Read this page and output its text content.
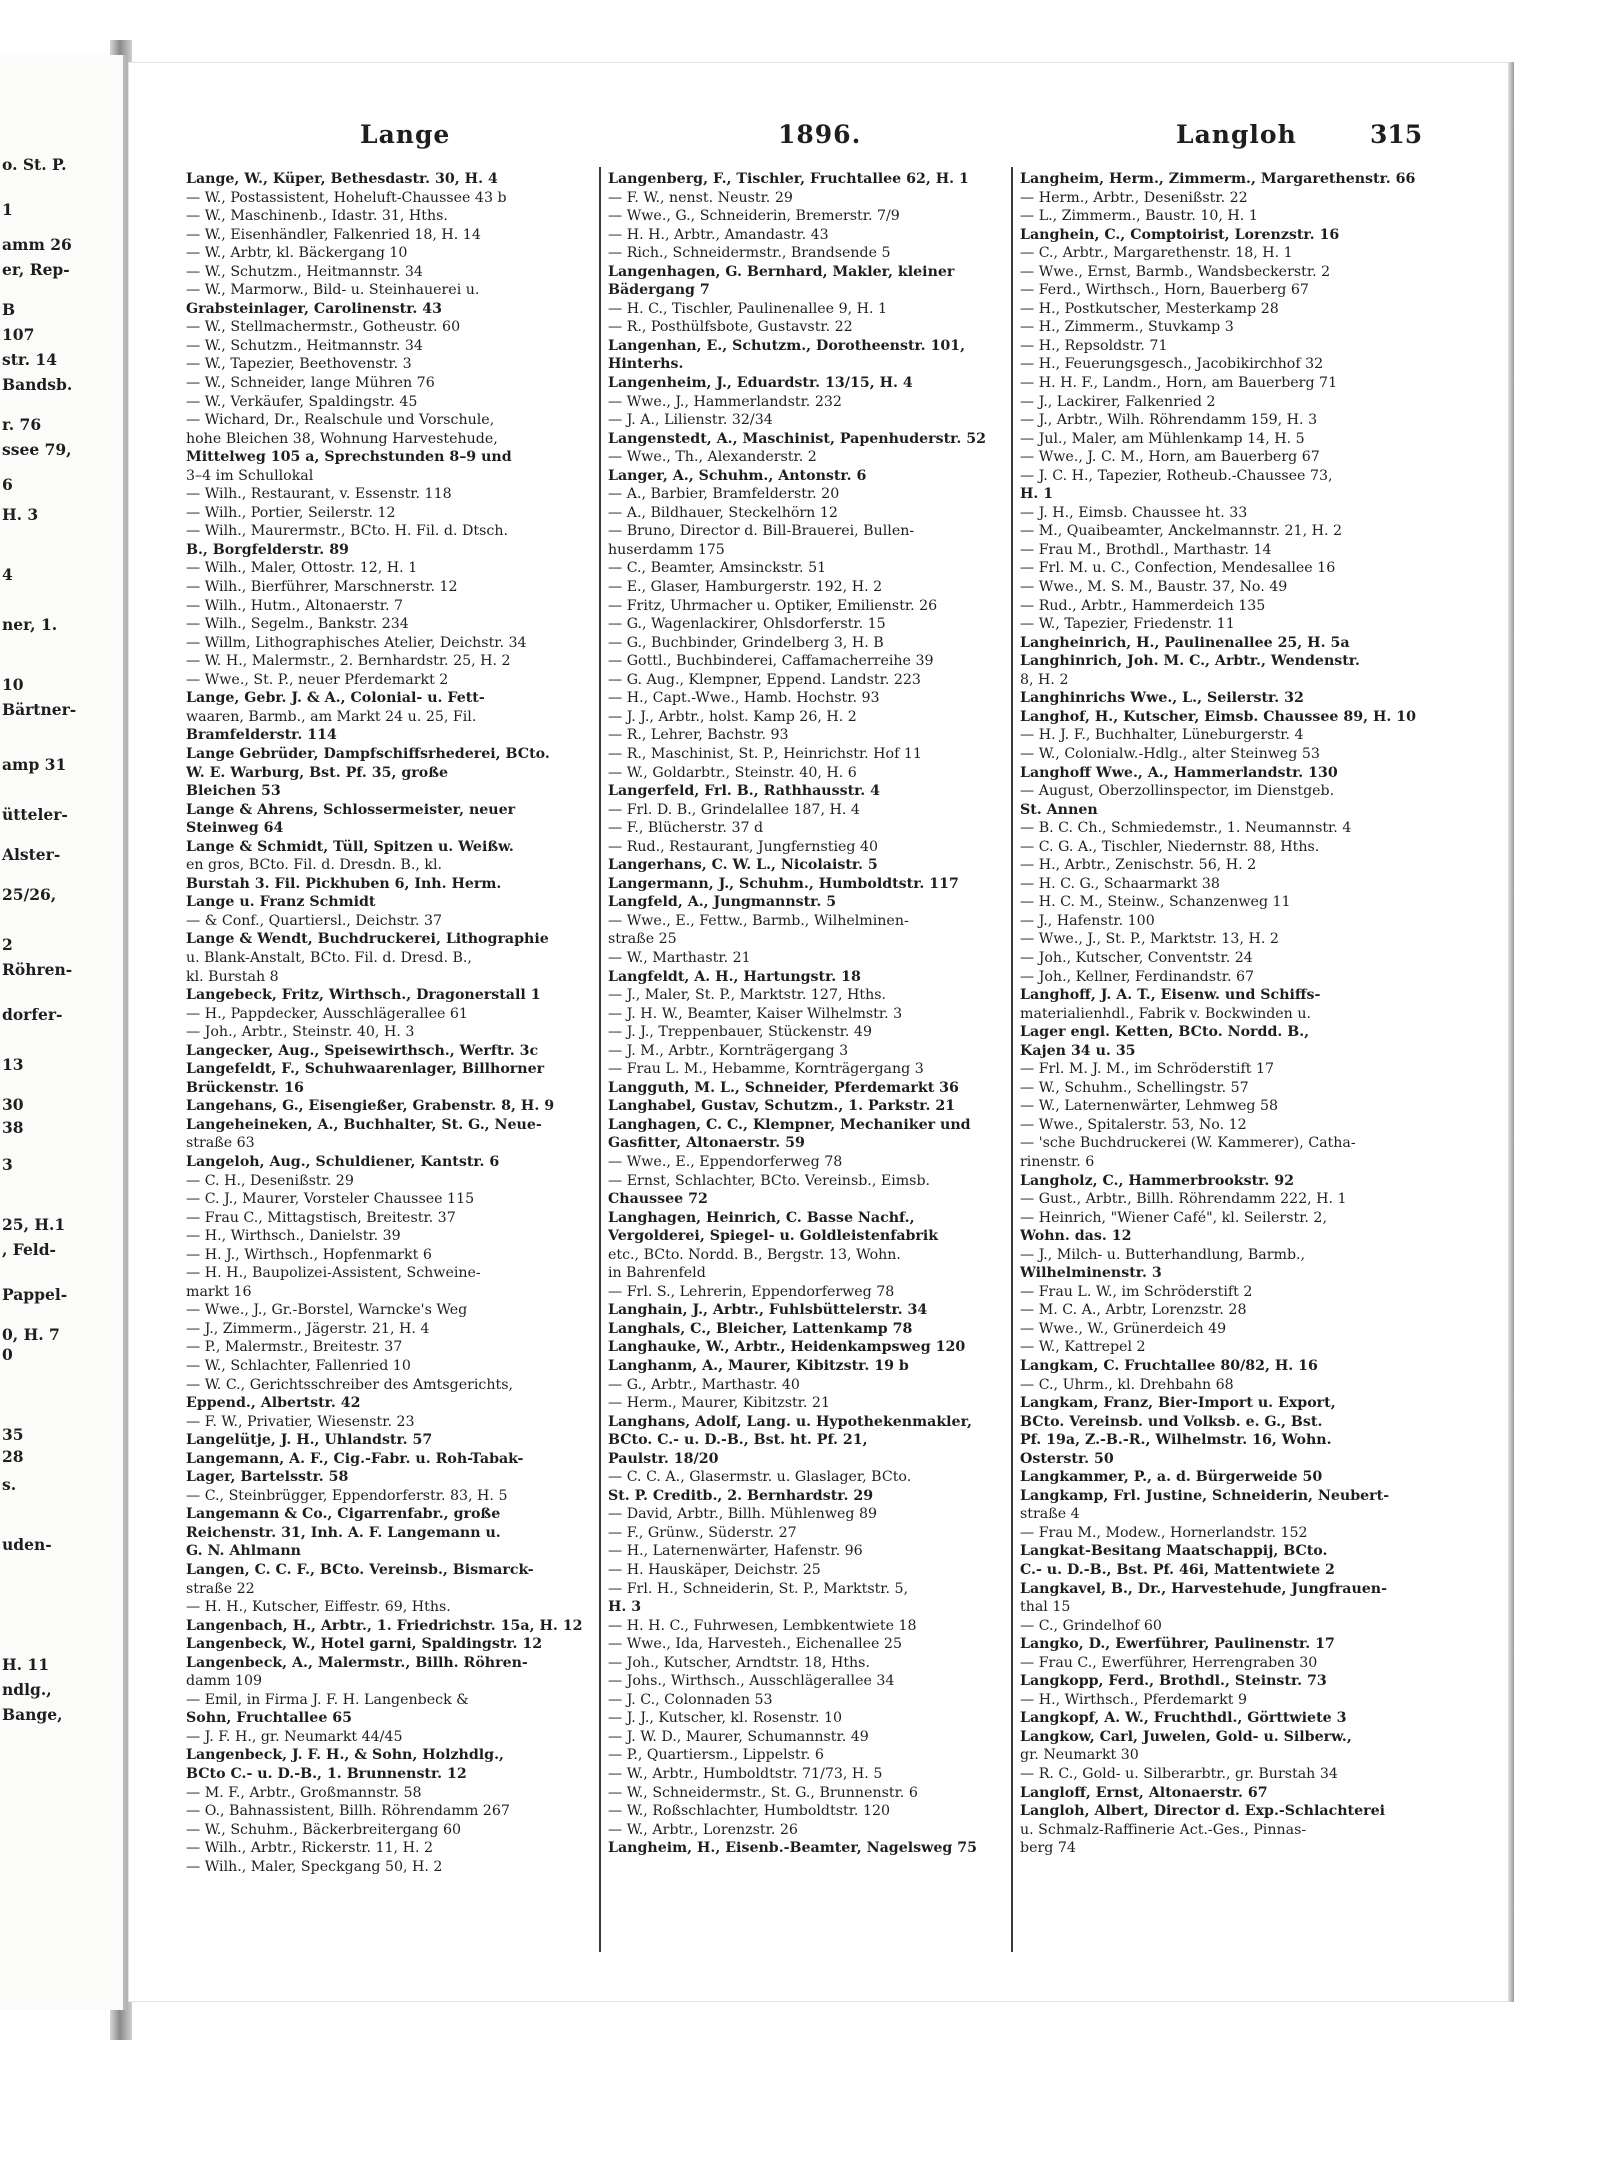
o. St. P.
1
amm 26
er, Rep-
B
107
str. 14
Bandsb.
r. 76
ssee 79,
6
H. 3
4
ner, 1.
10
Bärtner-
amp 31
ütteler-
Alster-
25/26,
2
Röhren-
dorfer-
13
30
38
3
25, H.1
, Feld-
Pappel-
0, H. 7
0
35
28
s.
uden-
H. 11
ndlg.,
Bange,
Lange	1896.	Langloh	315
Lange, W., Küper, Bethesdastr. 30, H. 4
— W., Postassistent, Hoheluft-Chaussee 43 b
— W., Maschinenb., Idastr. 31, Hths.
— W., Eisenhändler, Falkenried 18, H. 14
— W., Arbtr, kl. Bäckergang 10
— W., Schutzm., Heitmannstr. 34
— W., Marmorw., Bild- u. Steinhauerei u.
Grabsteinlager, Carolinenstr. 43
— W., Stellmachermstr., Gotheustr. 60
— W., Schutzm., Heitmannstr. 34
— W., Tapezier, Beethovenstr. 3
— W., Schneider, lange Mühren 76
— W., Verkäufer, Spaldingstr. 45
— Wichard, Dr., Realschule und Vorschule,
hohe Bleichen 38, Wohnung Harvestehude,
Mittelweg 105 a, Sprechstunden 8–9 und
3–4 im Schullokal
— Wilh., Restaurant, v. Essenstr. 118
— Wilh., Portier, Seilerstr. 12
— Wilh., Maurermstr., BCto. H. Fil. d. Dtsch.
B., Borgfelderstr. 89
— Wilh., Maler, Ottostr. 12, H. 1
— Wilh., Bierführer, Marschnerstr. 12
— Wilh., Hutm., Altonaerstr. 7
— Wilh., Segelm., Bankstr. 234
— Willm, Lithographisches Atelier, Deichstr. 34
— W. H., Malermstr., 2. Bernhardstr. 25, H. 2
— Wwe., St. P., neuer Pferdemarkt 2
Lange, Gebr. J. & A., Colonial- u. Fett-
waaren, Barmb., am Markt 24 u. 25, Fil.
Bramfelderstr. 114
Lange Gebrüder, Dampfschiffsrhederei, BCto.
W. E. Warburg, Bst. Pf. 35, große
Bleichen 53
Lange & Ahrens, Schlossermeister, neuer
Steinweg 64
Lange & Schmidt, Tüll, Spitzen u. Weißw.
en gros, BCto. Fil. d. Dresdn. B., kl.
Burstah 3. Fil. Pickhuben 6, Inh. Herm.
Lange u. Franz Schmidt
— & Conf., Quartiersl., Deichstr. 37
Lange & Wendt, Buchdruckerei, Lithographie
u. Blank-Anstalt, BCto. Fil. d. Dresd. B.,
kl. Burstah 8
Langebeck, Fritz, Wirthsch., Dragonerstall 1
— H., Pappdecker, Ausschlägerallee 61
— Joh., Arbtr., Steinstr. 40, H. 3
Langecker, Aug., Speisewirthsch., Werftr. 3c
Langefeldt, F., Schuhwaarenlager, Billhorner
Brückenstr. 16
Langehans, G., Eisengießer, Grabenstr. 8, H. 9
Langeheineken, A., Buchhalter, St. G., Neue-
straße 63
Langeloh, Aug., Schuldiener, Kantstr. 6
— C. H., Desenißstr. 29
— C. J., Maurer, Vorsteler Chaussee 115
— Frau C., Mittagstisch, Breitestr. 37
— H., Wirthsch., Danielstr. 39
— H. J., Wirthsch., Hopfenmarkt 6
— H. H., Baupolizei-Assistent, Schweine-
markt 16
— Wwe., J., Gr.-Borstel, Warncke's Weg
— J., Zimmerm., Jägerstr. 21, H. 4
— P., Malermstr., Breitestr. 37
— W., Schlachter, Fallenried 10
— W. C., Gerichtsschreiber des Amtsgerichts,
Eppend., Albertstr. 42
— F. W., Privatier, Wiesenstr. 23
Langelütje, J. H., Uhlandstr. 57
Langemann, A. F., Cig.-Fabr. u. Roh-Tabak-
Lager, Bartelsstr. 58
— C., Steinbrügger, Eppendorferstr. 83, H. 5
Langemann & Co., Cigarrenfabr., große
Reichenstr. 31, Inh. A. F. Langemann u.
G. N. Ahlmann
Langen, C. C. F., BCto. Vereinsb., Bismarck-
straße 22
— H. H., Kutscher, Eiffestr. 69, Hths.
Langenbach, H., Arbtr., 1. Friedrichstr. 15a, H. 12
Langenbeck, W., Hotel garni, Spaldingstr. 12
Langenbeck, A., Malermstr., Billh. Röhren-
damm 109
— Emil, in Firma J. F. H. Langenbeck &
Sohn, Fruchtallee 65
— J. F. H., gr. Neumarkt 44/45
Langenbeck, J. F. H., & Sohn, Holzhdlg.,
BCto C.- u. D.-B., 1. Brunnenstr. 12
— M. F., Arbtr., Großmannstr. 58
— O., Bahnassistent, Billh. Röhrendamm 267
— W., Schuhm., Bäckerbreitergang 60
— Wilh., Arbtr., Rickerstr. 11, H. 2
— Wilh., Maler, Speckgang 50, H. 2
Langenberg, F., Tischler, Fruchtallee 62, H. 1
— F. W., nenst. Neustr. 29
— Wwe., G., Schneiderin, Bremerstr. 7/9
— H. H., Arbtr., Amandastr. 43
— Rich., Schneidermstr., Brandsende 5
Langenhagen, G. Bernhard, Makler, kleiner
Bädergang 7
— H. C., Tischler, Paulinenallee 9, H. 1
— R., Posthülfsbote, Gustavstr. 22
Langenhan, E., Schutzm., Dorotheenstr. 101,
Hinterhs.
Langenheim, J., Eduardstr. 13/15, H. 4
— Wwe., J., Hammerlandstr. 232
— J. A., Lilienstr. 32/34
Langenstedt, A., Maschinist, Papenhuderstr. 52
— Wwe., Th., Alexanderstr. 2
Langer, A., Schuhm., Antonstr. 6
— A., Barbier, Bramfelderstr. 20
— A., Bildhauer, Steckelhörn 12
— Bruno, Director d. Bill-Brauerei, Bullen-
huserdamm 175
— C., Beamter, Amsinckstr. 51
— E., Glaser, Hamburgerstr. 192, H. 2
— Fritz, Uhrmacher u. Optiker, Emilienstr. 26
— G., Wagenlackirer, Ohlsdorferstr. 15
— G., Buchbinder, Grindelberg 3, H. B
— Gottl., Buchbinderei, Caffamacherreihe 39
— G. Aug., Klempner, Eppend. Landstr. 223
— H., Capt.-Wwe., Hamb. Hochstr. 93
— J. J., Arbtr., holst. Kamp 26, H. 2
— R., Lehrer, Bachstr. 93
— R., Maschinist, St. P., Heinrichstr. Hof 11
— W., Goldarbtr., Steinstr. 40, H. 6
Langerfeld, Frl. B., Rathhausstr. 4
— Frl. D. B., Grindelallee 187, H. 4
— F., Blücherstr. 37 d
— Rud., Restaurant, Jungfernstieg 40
Langerhans, C. W. L., Nicolaistr. 5
Langermann, J., Schuhm., Humboldtstr. 117
Langfeld, A., Jungmannstr. 5
— Wwe., E., Fettw., Barmb., Wilhelminen-
straße 25
— W., Marthastr. 21
Langfeldt, A. H., Hartungstr. 18
— J., Maler, St. P., Marktstr. 127, Hths.
— J. H. W., Beamter, Kaiser Wilhelmstr. 3
— J. J., Treppenbauer, Stückenstr. 49
— J. M., Arbtr., Kornträgergang 3
— Frau L. M., Hebamme, Kornträgergang 3
Langguth, M. L., Schneider, Pferdemarkt 36
Langhabel, Gustav, Schutzm., 1. Parkstr. 21
Langhagen, C. C., Klempner, Mechaniker und
Gasfitter, Altonaerstr. 59
— Wwe., E., Eppendorferweg 78
— Ernst, Schlachter, BCto. Vereinsb., Eimsb.
Chaussee 72
Langhagen, Heinrich, C. Basse Nachf.,
Vergolderei, Spiegel- u. Goldleistenfabrik
etc., BCto. Nordd. B., Bergstr. 13, Wohn.
in Bahrenfeld
— Frl. S., Lehrerin, Eppendorferweg 78
Langhain, J., Arbtr., Fuhlsbüttelerstr. 34
Langhals, C., Bleicher, Lattenkamp 78
Langhauke, W., Arbtr., Heidenkampsweg 120
Langhanm, A., Maurer, Kibitzstr. 19 b
— G., Arbtr., Marthastr. 40
— Herm., Maurer, Kibitzstr. 21
Langhans, Adolf, Lang. u. Hypothekenmakler,
BCto. C.- u. D.-B., Bst. ht. Pf. 21,
Paulstr. 18/20
— C. C. A., Glasermstr. u. Glaslager, BCto.
St. P. Creditb., 2. Bernhardstr. 29
— David, Arbtr., Billh. Mühlenweg 89
— F., Grünw., Süderstr. 27
— H., Laternenwärter, Hafenstr. 96
— H. Hauskäper, Deichstr. 25
— Frl. H., Schneiderin, St. P., Marktstr. 5,
H. 3
— H. H. C., Fuhrwesen, Lembkentwiete 18
— Wwe., Ida, Harvesteh., Eichenallee 25
— Joh., Kutscher, Arndtstr. 18, Hths.
— Johs., Wirthsch., Ausschlägerallee 34
— J. C., Colonnaden 53
— J. J., Kutscher, kl. Rosenstr. 10
— J. W. D., Maurer, Schumannstr. 49
— P., Quartiersm., Lippelstr. 6
— W., Arbtr., Humboldtstr. 71/73, H. 5
— W., Schneidermstr., St. G., Brunnenstr. 6
— W., Roßschlachter, Humboldtstr. 120
— W., Arbtr., Lorenzstr. 26
Langheim, H., Eisenb.-Beamter, Nagelsweg 75
Langheim, Herm., Zimmerm., Margarethenstr. 66
— Herm., Arbtr., Desenißstr. 22
— L., Zimmerm., Baustr. 10, H. 1
Langhein, C., Comptoirist, Lorenzstr. 16
— C., Arbtr., Margarethenstr. 18, H. 1
— Wwe., Ernst, Barmb., Wandsbeckerstr. 2
— Ferd., Wirthsch., Horn, Bauerberg 67
— H., Postkutscher, Mesterkamp 28
— H., Zimmerm., Stuvkamp 3
— H., Repsoldstr. 71
— H., Feuerungsgesch., Jacobikirchhof 32
— H. H. F., Landm., Horn, am Bauerberg 71
— J., Lackirer, Falkenried 2
— J., Arbtr., Wilh. Röhrendamm 159, H. 3
— Jul., Maler, am Mühlenkamp 14, H. 5
— Wwe., J. C. M., Horn, am Bauerberg 67
— J. C. H., Tapezier, Rotheub.-Chaussee 73,
H. 1
— J. H., Eimsb. Chaussee ht. 33
— M., Quaibeamter, Anckelmannstr. 21, H. 2
— Frau M., Brothdl., Marthastr. 14
— Frl. M. u. C., Confection, Mendesallee 16
— Wwe., M. S. M., Baustr. 37, No. 49
— Rud., Arbtr., Hammerdeich 135
— W., Tapezier, Friedenstr. 11
Langheinrich, H., Paulinenallee 25, H. 5a
Langhinrich, Joh. M. C., Arbtr., Wendenstr.
8, H. 2
Langhinrichs Wwe., L., Seilerstr. 32
Langhof, H., Kutscher, Eimsb. Chaussee 89, H. 10
— H. J. F., Buchhalter, Lüneburgerstr. 4
— W., Colonialw.-Hdlg., alter Steinweg 53
Langhoff Wwe., A., Hammerlandstr. 130
— August, Oberzollinspector, im Dienstgeb.
St. Annen
— B. C. Ch., Schmiedemstr., 1. Neumannstr. 4
— C. G. A., Tischler, Niedernstr. 88, Hths.
— H., Arbtr., Zenischstr. 56, H. 2
— H. C. G., Schaarmarkt 38
— H. C. M., Steinw., Schanzenweg 11
— J., Hafenstr. 100
— Wwe., J., St. P., Marktstr. 13, H. 2
— Joh., Kutscher, Conventstr. 24
— Joh., Kellner, Ferdinandstr. 67
Langhoff, J. A. T., Eisenw. und Schiffs-
materialienhdl., Fabrik v. Bockwinden u.
Lager engl. Ketten, BCto. Nordd. B.,
Kajen 34 u. 35
— Frl. M. J. M., im Schröderstift 17
— W., Schuhm., Schellingstr. 57
— W., Laternenwärter, Lehmweg 58
— Wwe., Spitalerstr. 53, No. 12
— 'sche Buchdruckerei (W. Kammerer), Catha-
rinenstr. 6
Langholz, C., Hammerbrookstr. 92
— Gust., Arbtr., Billh. Röhrendamm 222, H. 1
— Heinrich, "Wiener Café", kl. Seilerstr. 2,
Wohn. das. 12
— J., Milch- u. Butterhandlung, Barmb.,
Wilhelminenstr. 3
— Frau L. W., im Schröderstift 2
— M. C. A., Arbtr, Lorenzstr. 28
— Wwe., W., Grünerdeich 49
— W., Kattrepel 2
Langkam, C. Fruchtallee 80/82, H. 16
— C., Uhrm., kl. Drehbahn 68
Langkam, Franz, Bier-Import u. Export,
BCto. Vereinsb. und Volksb. e. G., Bst.
Pf. 19a, Z.-B.-R., Wilhelmstr. 16, Wohn.
Osterstr. 50
Langkammer, P., a. d. Bürgerweide 50
Langkamp, Frl. Justine, Schneiderin, Neubert-
straße 4
— Frau M., Modew., Hornerlandstr. 152
Langkat-Besitang Maatschappij, BCto.
C.- u. D.-B., Bst. Pf. 46i, Mattentwiete 2
Langkavel, B., Dr., Harvestehude, Jungfrauen-
thal 15
— C., Grindelhof 60
Langko, D., Ewerführer, Paulinenstr. 17
— Frau C., Ewerführer, Herrengraben 30
Langkopp, Ferd., Brothdl., Steinstr. 73
— H., Wirthsch., Pferdemarkt 9
Langkopf, A. W., Fruchthdl., Görttwiete 3
Langkow, Carl, Juwelen, Gold- u. Silberw.,
gr. Neumarkt 30
— R. C., Gold- u. Silberarbtr., gr. Burstah 34
Langloff, Ernst, Altonaerstr. 67
Langloh, Albert, Director d. Exp.-Schlachterei
u. Schmalz-Raffinerie Act.-Ges., Pinnas-
berg 74
